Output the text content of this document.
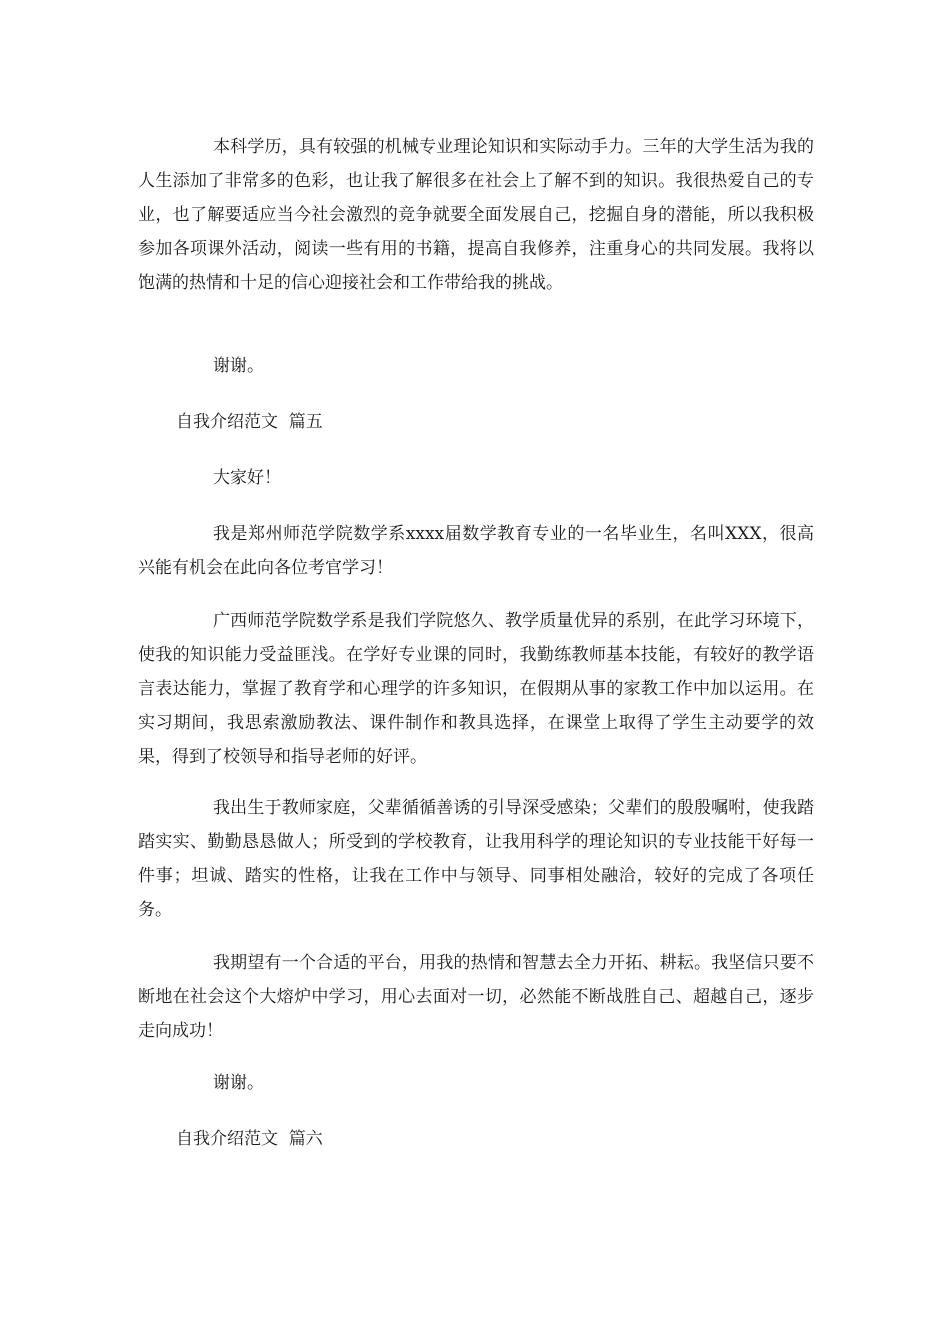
本科学历，具有较强的机械专业理论知识和实际动手力。三年的大学生活为我的人生添加了非常多的色彩，也让我了解很多在社会上了解不到的知识。我很热爱自己的专业，也了解要适应当今社会激烈的竞争就要全面发展自己，挖掘自身的潜能，所以我积极参加各项课外活动，阅读一些有用的书籍，提高自我修养，注重身心的共同发展。我将以饱满的热情和十足的信心迎接社会和工作带给我的挑战。

谢谢。

自我介绍范文  篇五

大家好！

我是郑州师范学院数学系xxxx届数学教育专业的一名毕业生，名叫XXX，很高兴能有机会在此向各位考官学习！

广西师范学院数学系是我们学院悠久、教学质量优异的系别，在此学习环境下，使我的知识能力受益匪浅。在学好专业课的同时，我勤练教师基本技能，有较好的教学语言表达能力，掌握了教育学和心理学的许多知识，在假期从事的家教工作中加以运用。在实习期间，我思索激励教法、课件制作和教具选择，在课堂上取得了学生主动要学的效果，得到了校领导和指导老师的好评。

我出生于教师家庭，父辈循循善诱的引导深受感染；父辈们的殷殷嘱咐，使我踏踏实实、勤勤恳恳做人；所受到的学校教育，让我用科学的理论知识的专业技能干好每一件事；坦诚、踏实的性格，让我在工作中与领导、同事相处融洽，较好的完成了各项任务。

我期望有一个合适的平台，用我的热情和智慧去全力开拓、耕耘。我坚信只要不断地在社会这个大熔炉中学习，用心去面对一切，必然能不断战胜自己、超越自己，逐步走向成功！

谢谢。

自我介绍范文  篇六
